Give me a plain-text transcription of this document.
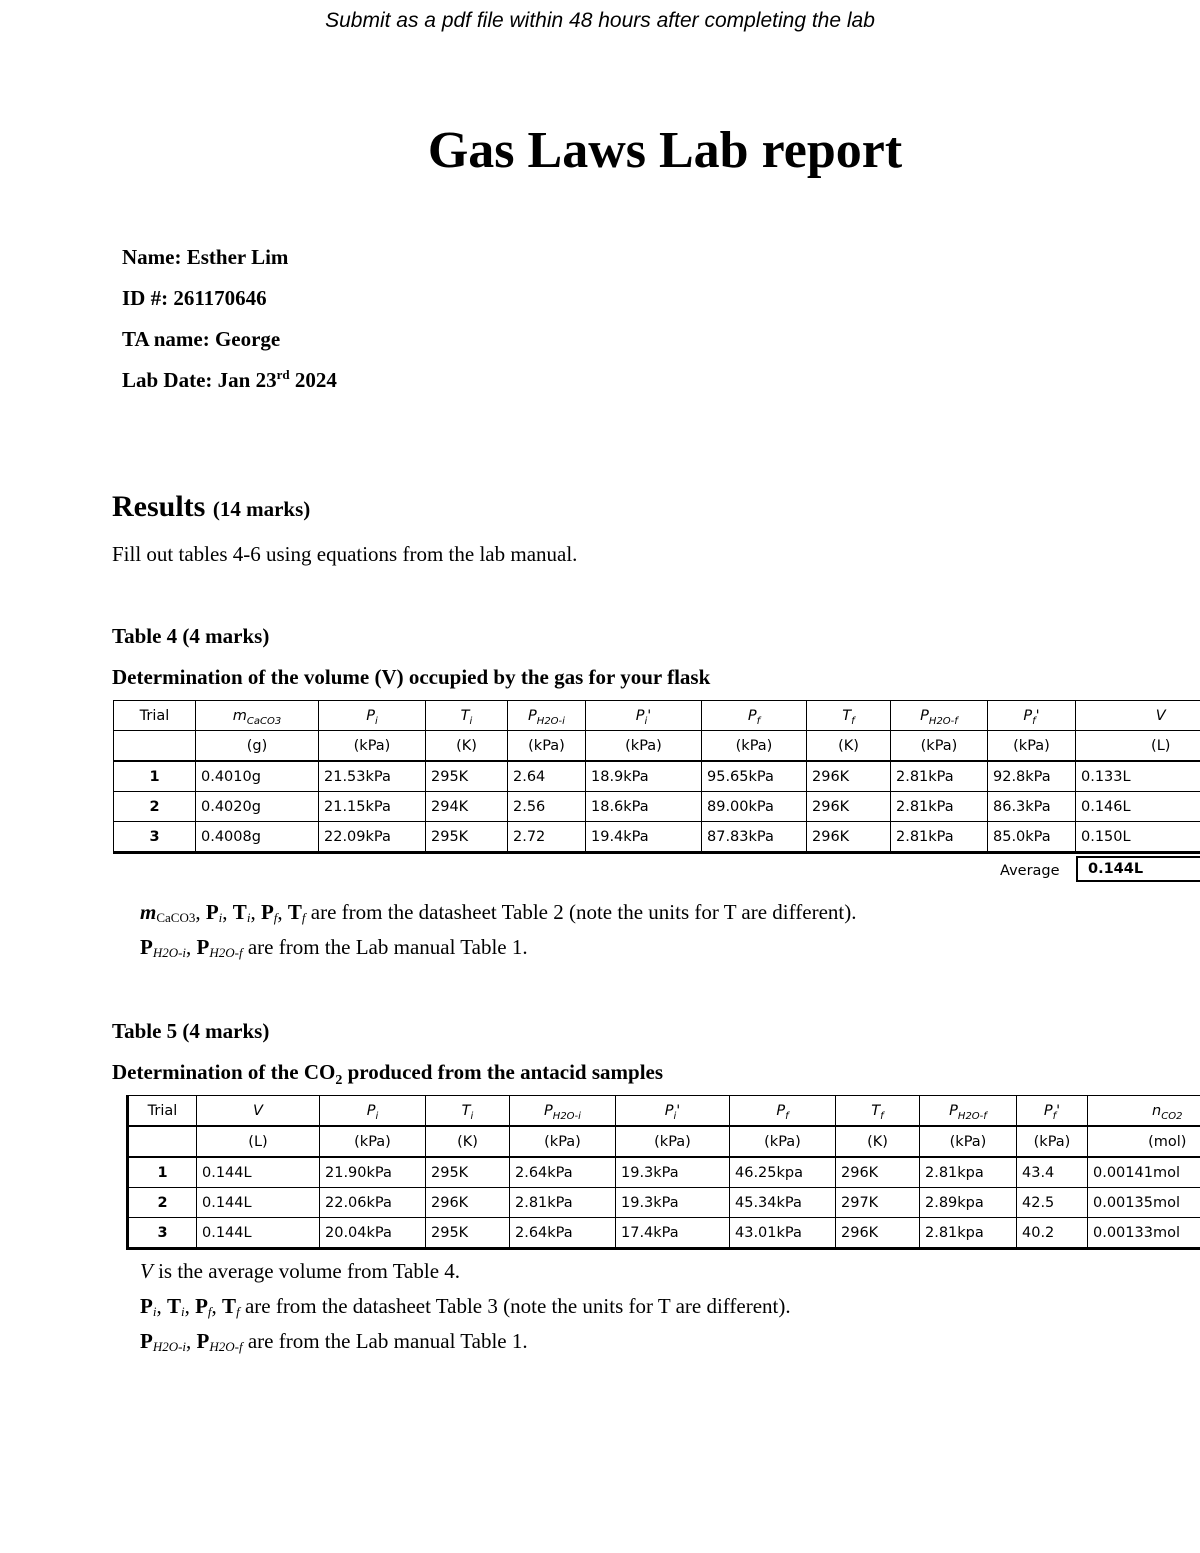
Submit as a pdf file within 48 hours after completing the lab
Gas Laws Lab report
Name: Esther Lim
ID #: 261170646
TA name: George
Lab Date: Jan 23rd 2024
Results (14 marks)
Fill out tables 4-6 using equations from the lab manual.
Table 4 (4 marks)
Determination of the volume (V) occupied by the gas for your flask
Trial	$m_{CaCO3}$	$P_i$	$T_i$	$P_{H2O-i}$	$P_i'$	$P_f$	$T_f$	$P_{H2O-f}$	$P_f'$	V
	(g)	(kPa)	(K)	(kPa)	(kPa)	(kPa)	(K)	(kPa)	(kPa)	(L)
1	0.4010g	21.53kPa	295K	2.64	18.9kPa	95.65kPa	296K	2.81kPa	92.8kPa	0.133L
2	0.4020g	21.15kPa	294K	2.56	18.6kPa	89.00kPa	296K	2.81kPa	86.3kPa	0.146L
3	0.4008g	22.09kPa	295K	2.72	19.4kPa	87.83kPa	296K	2.81kPa	85.0kPa	0.150L
Average	0.144L
$m_{CaCO3}$, $P_i$, $T_i$, $P_f$, $T_f$ are from the datasheet Table 2 (note the units for T are different).
$P_{H2O-i}$, $P_{H2O-f}$ are from the Lab manual Table 1.
Table 5 (4 marks)
Determination of the $CO_2$ produced from the antacid samples
Trial	V	$P_i$	$T_i$	$P_{H2O-i}$	$P_i'$	$P_f$	$T_f$	$P_{H2O-f}$	$P_f'$	$n_{CO2}$
	(L)	(kPa)	(K)	(kPa)	(kPa)	(kPa)	(K)	(kPa)	(kPa)	(mol)
1	0.144L	21.90kPa	295K	2.64kPa	19.3kPa	46.25kpa	296K	2.81kpa	43.4	0.00141mol
2	0.144L	22.06kPa	296K	2.81kPa	19.3kPa	45.34kPa	297K	2.89kpa	42.5	0.00135mol
3	0.144L	20.04kPa	295K	2.64kPa	17.4kPa	43.01kPa	296K	2.81kpa	40.2	0.00133mol
V is the average volume from Table 4.
$P_i$, $T_i$, $P_f$, $T_f$ are from the datasheet Table 3 (note the units for T are different).
$P_{H2O-i}$, $P_{H2O-f}$ are from the Lab manual Table 1.
